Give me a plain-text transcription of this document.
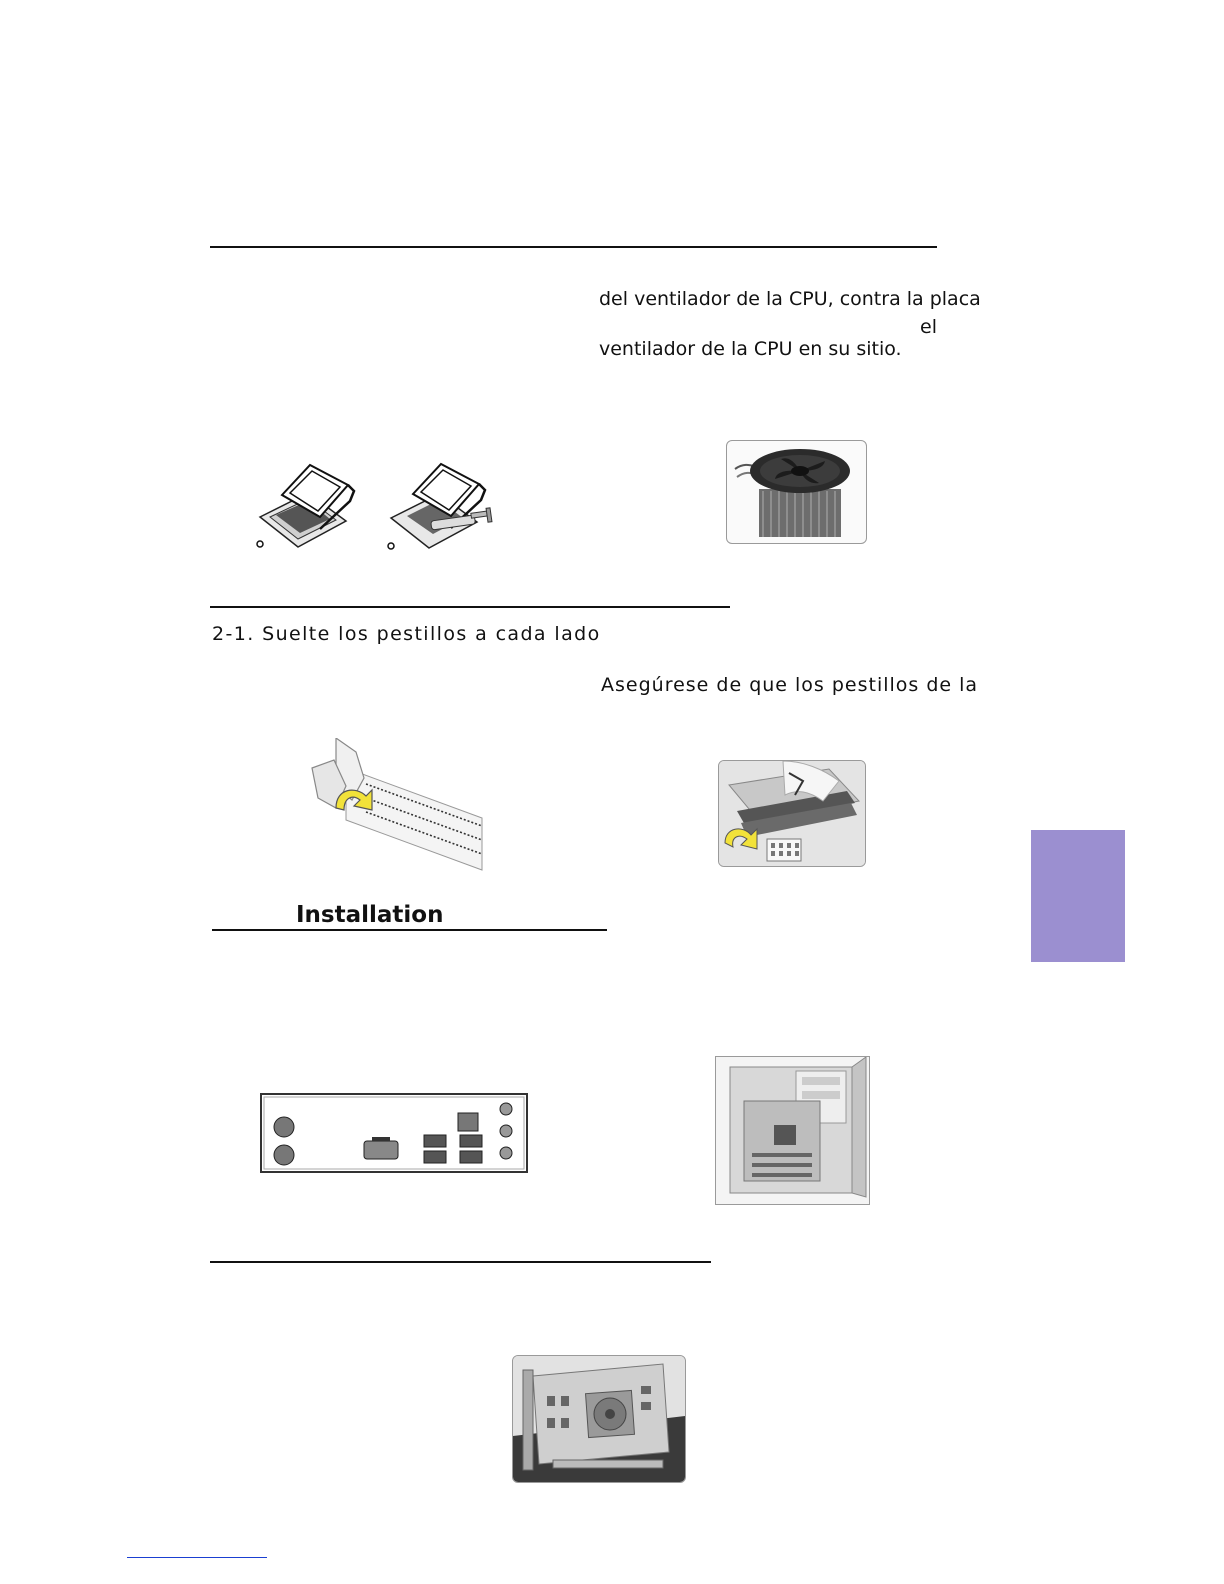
del ventilador de la CPU, contra la placa
el
ventilador de la CPU en su sitio.
2-1. Suelte los pestillos a cada lado
Asegúrese de que los pestillos de la
Installation
